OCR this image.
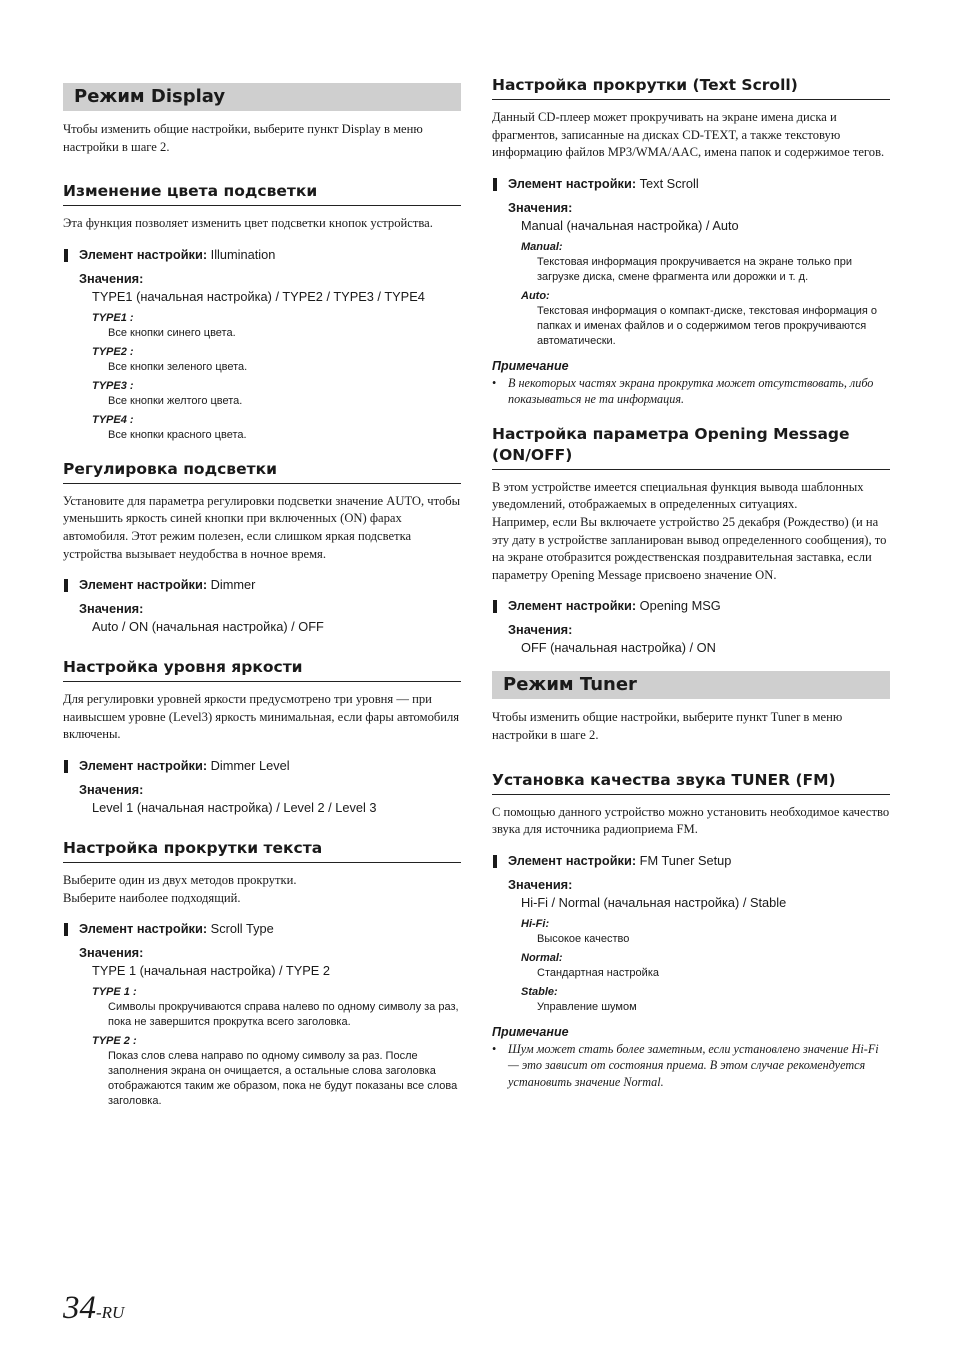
Режим Display

Чтобы изменить общие настройки, выберите пункт Display в меню настройки в шаге 2.

Изменение цвета подсветки

Эта функция позволяет изменить цвет подсветки кнопок устройства.

Элемент настройки: Illumination
Значения:
TYPE1 (начальная настройка) / TYPE2 / TYPE3 / TYPE4
TYPE1 :
Все кнопки синего цвета.
TYPE2 :
Все кнопки зеленого цвета.
TYPE3 :
Все кнопки желтого цвета.
TYPE4 :
Все кнопки красного цвета.
Регулировка подсветки

Установите для параметра регулировки подсветки значение AUTO, чтобы уменьшить яркость синей кнопки при включенных (ON) фарах автомобиля. Этот режим полезен, если слишком яркая подсветка устройства вызывает неудобства в ночное время.

Элемент настройки: Dimmer
Значения:
Auto / ON (начальная настройка) / OFF
Настройка уровня яркости

Для регулировки уровней яркости предусмотрено три уровня — при наивысшем уровне (Level3) яркость минимальная, если фары автомобиля включены.

Элемент настройки: Dimmer Level
Значения:
Level 1 (начальная настройка) / Level 2 / Level 3
Настройка прокрутки текста

Выберите один из двух методов прокрутки.

Выберите наиболее подходящий.

Элемент настройки: Scroll Type
Значения:
TYPE 1 (начальная настройка) / TYPE 2
TYPE 1 :
Символы прокручиваются справа налево по одному символу за раз, пока не завершится прокрутка всего заголовка.
TYPE 2 :
Показ слов слева направо по одному символу за раз. После заполнения экрана он очищается, а остальные слова заголовка отображаются таким же образом, пока не будут показаны все слова заголовка.
Настройка прокрутки (Text Scroll)

Данный CD-плеер может прокручивать на экране имена диска и фрагментов, записанные на дисках CD-TEXT, а также текстовую информацию файлов MP3/WMA/AAC, имена папок и содержимое тегов.

Элемент настройки: Text Scroll
Значения:
Manual (начальная настройка) / Auto
Manual:
Текстовая информация прокручивается на экране только при загрузке диска, смене фрагмента или дорожки и т. д.
Auto:
Текстовая информация о компакт-диске, текстовая информация о папках и именах файлов и о содержимом тегов прокручиваются автоматически.
Примечание
• В некоторых частях экрана прокрутка может отсутствовать, либо показываться не та информация.
Настройка параметра Opening Message (ON/OFF)

В этом устройстве имеется специальная функция вывода шаблонных уведомлений, отображаемых в определенных ситуациях.

Например, если Вы включаете устройство 25 декабря (Рождество) (и на эту дату в устройстве запланирован вывод определенного сообщения), то на экране отобразится рождественская поздравительная заставка, если параметру Opening Message присвоено значение ON.

Элемент настройки: Opening MSG
Значения:
OFF (начальная настройка) / ON
Режим Tuner

Чтобы изменить общие настройки, выберите пункт Tuner в меню настройки в шаге 2.

Установка качества звука TUNER (FM)

С помощью данного устройство можно установить необходимое качество звука для источника радиоприема FM.

Элемент настройки: FM Tuner Setup
Значения:
Hi-Fi / Normal (начальная настройка) / Stable
Hi-Fi:
Высокое качество
Normal:
Стандартная настройка
Stable:
Управление шумом
Примечание
• Шум может стать более заметным, если установлено значение Hi-Fi — это зависит от состояния приема. В этом случае рекомендуется установить значение Normal.
34-RU
